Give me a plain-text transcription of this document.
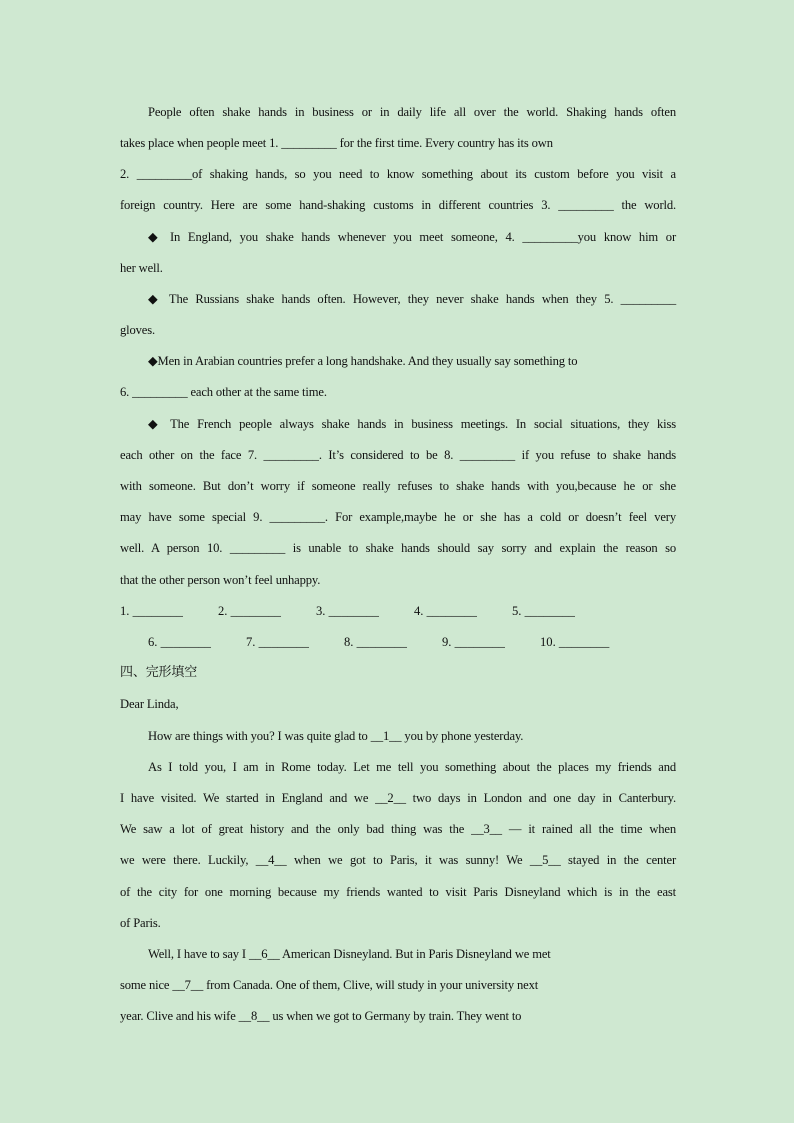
People often shake hands in business or in daily life all over the world. Shaking hands often
takes place when people meet 1. _________ for the first time. Every country has its own
2. _________of shaking hands, so you need to know something about its custom before you visit a
foreign country. Here are some hand-shaking customs in different countries 3. _________ the world.
◆ In England, you shake hands whenever you meet someone, 4. _________you know him or
her well.
◆ The Russians shake hands often. However, they never shake hands when they 5. _________
gloves.
◆Men in Arabian countries prefer a long handshake. And they usually say something to
6. _________ each other at the same time.
◆ The French people always shake hands in business meetings. In social situations, they kiss
each other on the face 7. _________. It’s considered to be 8. _________ if you refuse to shake hands
with someone. But don’t worry if someone really refuses to shake hands with you,because he or she
may have some special 9. _________. For example,maybe he or she has a cold or doesn’t feel very
well. A person 10. _________ is unable to shake hands should say sorry and explain the reason so
that the other person won’t feel unhappy.
1. ________	2. ________	3. ________	4. ________	5. ________
6. ________	7. ________	8. ________	9. ________	10. ________
四、完形填空
Dear Linda,
How are things with you? I was quite glad to __1__ you by phone yesterday.
As I told you, I am in Rome today. Let me tell you something about the places my friends and
I have visited. We started in England and we __2__ two days in London and one day in Canterbury.
We saw a lot of great history and the only bad thing was the __3__ — it rained all the time when
we were there. Luckily, __4__ when we got to Paris, it was sunny! We __5__ stayed in the center
of the city for one morning because my friends wanted to visit Paris Disneyland which is in the east
of Paris.
Well, I have to say I __6__ American Disneyland. But in Paris Disneyland we met
some nice __7__ from Canada. One of them, Clive, will study in your university next
year. Clive and his wife __8__ us when we got to Germany by train. They went to
